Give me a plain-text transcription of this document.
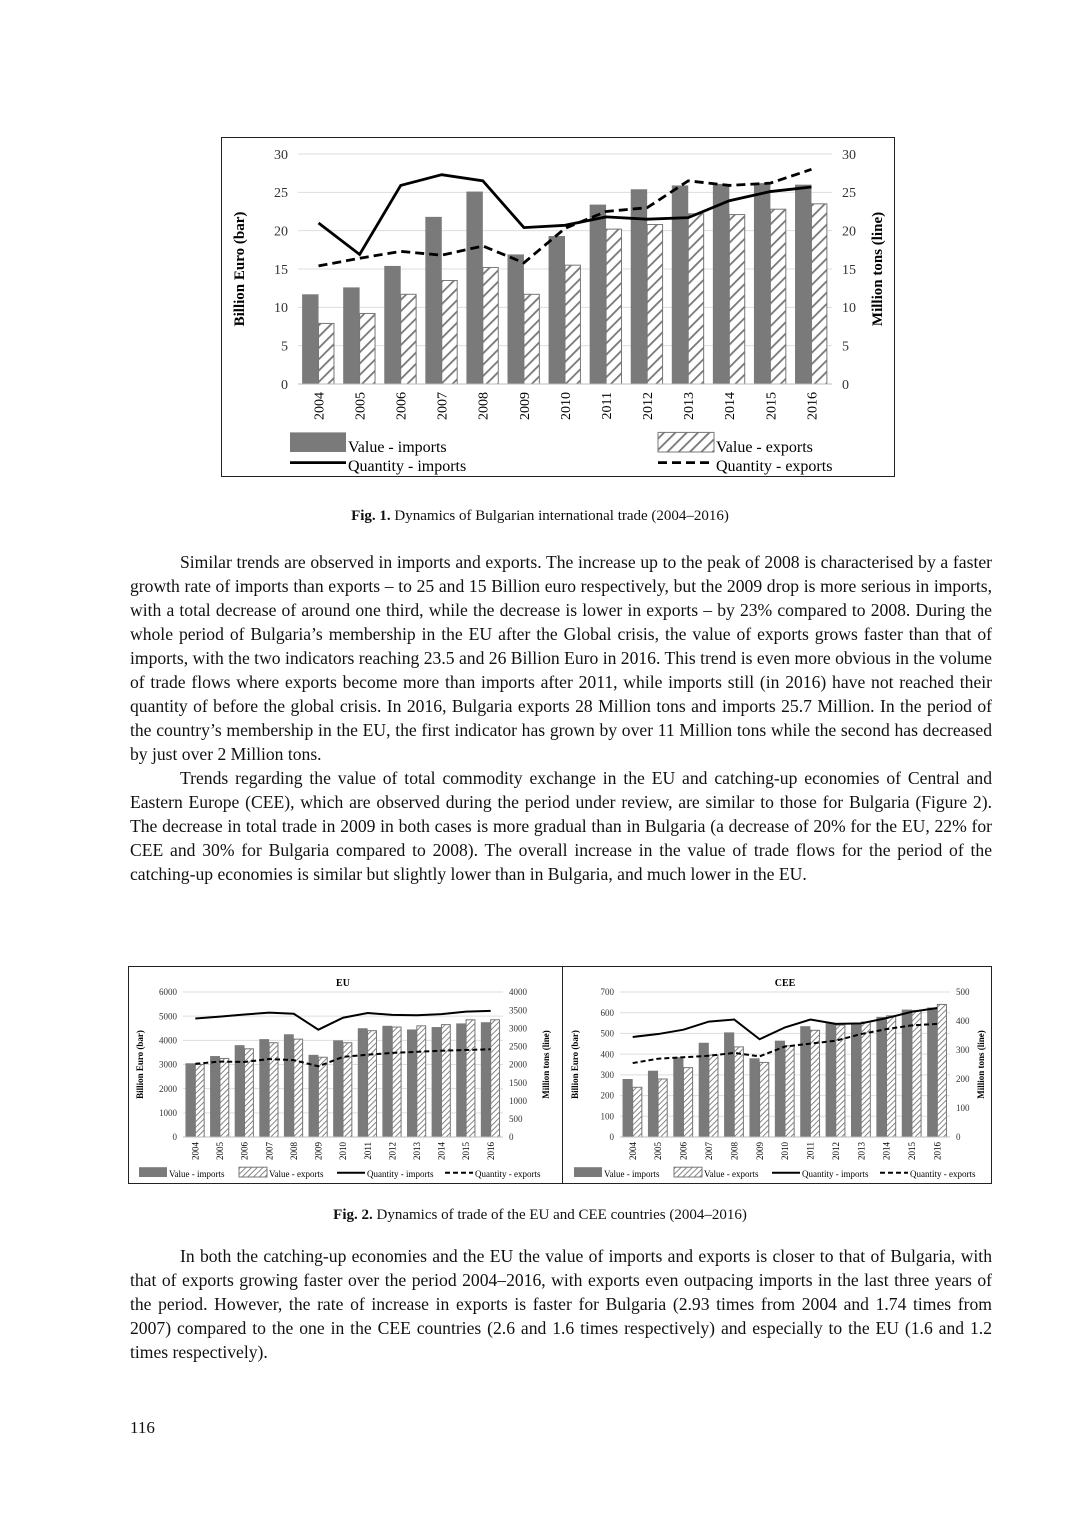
0
5
10
15
20
25
30
0
5
10
15
20
25
30
Billion Euro (bar)	Million tons (line)
2004 2005 2006 2007 2008 2009 2010 2011 2012 2013 2014 2015 2016
Value - imports	Value - exports
Quantity - imports	Quantity - exports
Fig. 1. Dynamics of Bulgarian international trade (2004–2016)

Similar trends are observed in imports and exports. The increase up to the peak of 2008 is characterised by a faster growth rate of imports than exports – to 25 and 15 Billion euro respectively, but the 2009 drop is more serious in imports, with a total decrease of around one third, while the decrease is lower in exports – by 23% compared to 2008. During the whole period of Bulgaria’s membership in the EU after the Global crisis, the value of exports grows faster than that of imports, with the two indicators reaching 23.5 and 26 Billion Euro in 2016. This trend is even more obvious in the volume of trade flows where exports become more than imports after 2011, while imports still (in 2016) have not reached their quantity of before the global crisis. In 2016, Bulgaria exports 28 Million tons and imports 25.7 Million. In the period of the country’s membership in the EU, the first indicator has grown by over 11 Million tons while the second has decreased by just over 2 Million tons.

Trends regarding the value of total commodity exchange in the EU and catching-up economies of Central and Eastern Europe (CEE), which are observed during the period under review, are similar to those for Bulgaria (Figure 2). The decrease in total trade in 2009 in both cases is more gradual than in Bulgaria (a decrease of 20% for the EU, 22% for CEE and 30% for Bulgaria compared to 2008). The overall increase in the value of trade flows for the period of the catching-up economies is similar but slightly lower than in Bulgaria, and much lower in the EU.

EU
0
1000
2000
3000
4000
5000
6000
0
500
1000
1500
2000
2500
3000
3500
4000
Billion Euro (bar)	Million tons (line)
2004 2005 2006 2007 2008 2009 2010 2011 2012 2013 2014 2015 2016
Value - imports	Value - exports	Quantity - imports	Quantity - exports
CEE
0
100
200
300
400
500
600
700
0
100
200
300
400
500
Billion Euro (bar)	Million tons (line)
2004 2005 2006 2007 2008 2009 2010 2011 2012 2013 2014 2015 2016
Value - imports	Value - exports	Quantity - imports	Quantity - exports
Fig. 2. Dynamics of trade of the EU and CEE countries (2004–2016)

In both the catching-up economies and the EU the value of imports and exports is closer to that of Bulgaria, with that of exports growing faster over the period 2004–2016, with exports even outpacing imports in the last three years of the period. However, the rate of increase in exports is faster for Bulgaria (2.93 times from 2004 and 1.74 times from 2007) compared to the one in the CEE countries (2.6 and 1.6 times respectively) and especially to the EU (1.6 and 1.2 times respectively).

116
